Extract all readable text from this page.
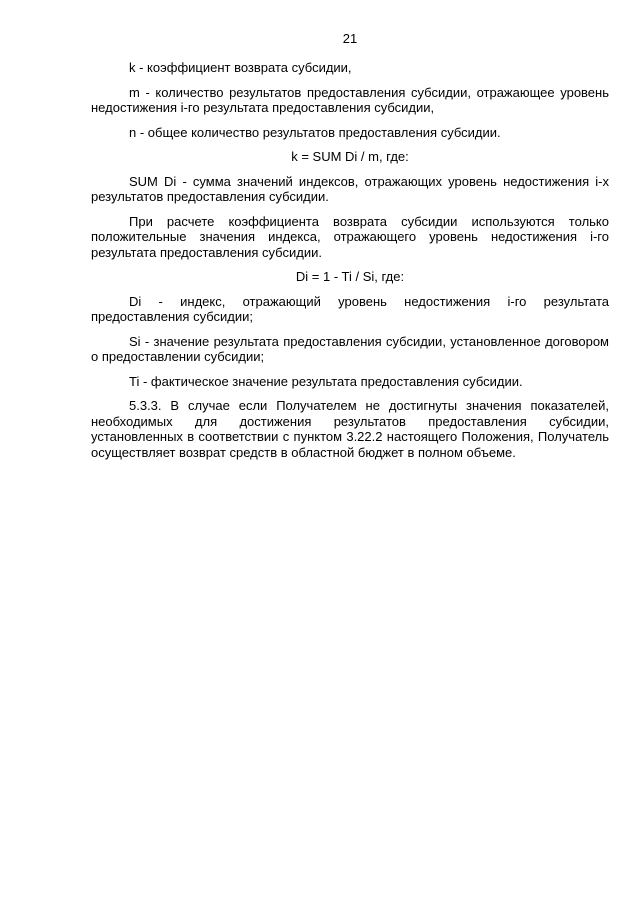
21

k - коэффициент возврата субсидии,

m - количество результатов предоставления субсидии, отражающее уровень недостижения i-го результата предоставления субсидии,

n - общее количество результатов предоставления субсидии.

k = SUM Di / m, где:

SUM Di - сумма значений индексов, отражающих уровень недостижения i-х результатов предоставления субсидии.

При расчете коэффициента возврата субсидии используются только положительные значения индекса, отражающего уровень недостижения i-го результата предоставления субсидии.

Di = 1 - Ti / Si, где:

Di - индекс, отражающий уровень недостижения i-го результата предоставления субсидии;

Si - значение результата предоставления субсидии, установленное договором о предоставлении субсидии;

Ti - фактическое значение результата предоставления субсидии.

5.3.3. В случае если Получателем не достигнуты значения показателей, необходимых для достижения результатов предоставления субсидии, установленных в соответствии с пунктом 3.22.2 настоящего Положения, Получатель осуществляет возврат средств в областной бюджет в полном объеме.
